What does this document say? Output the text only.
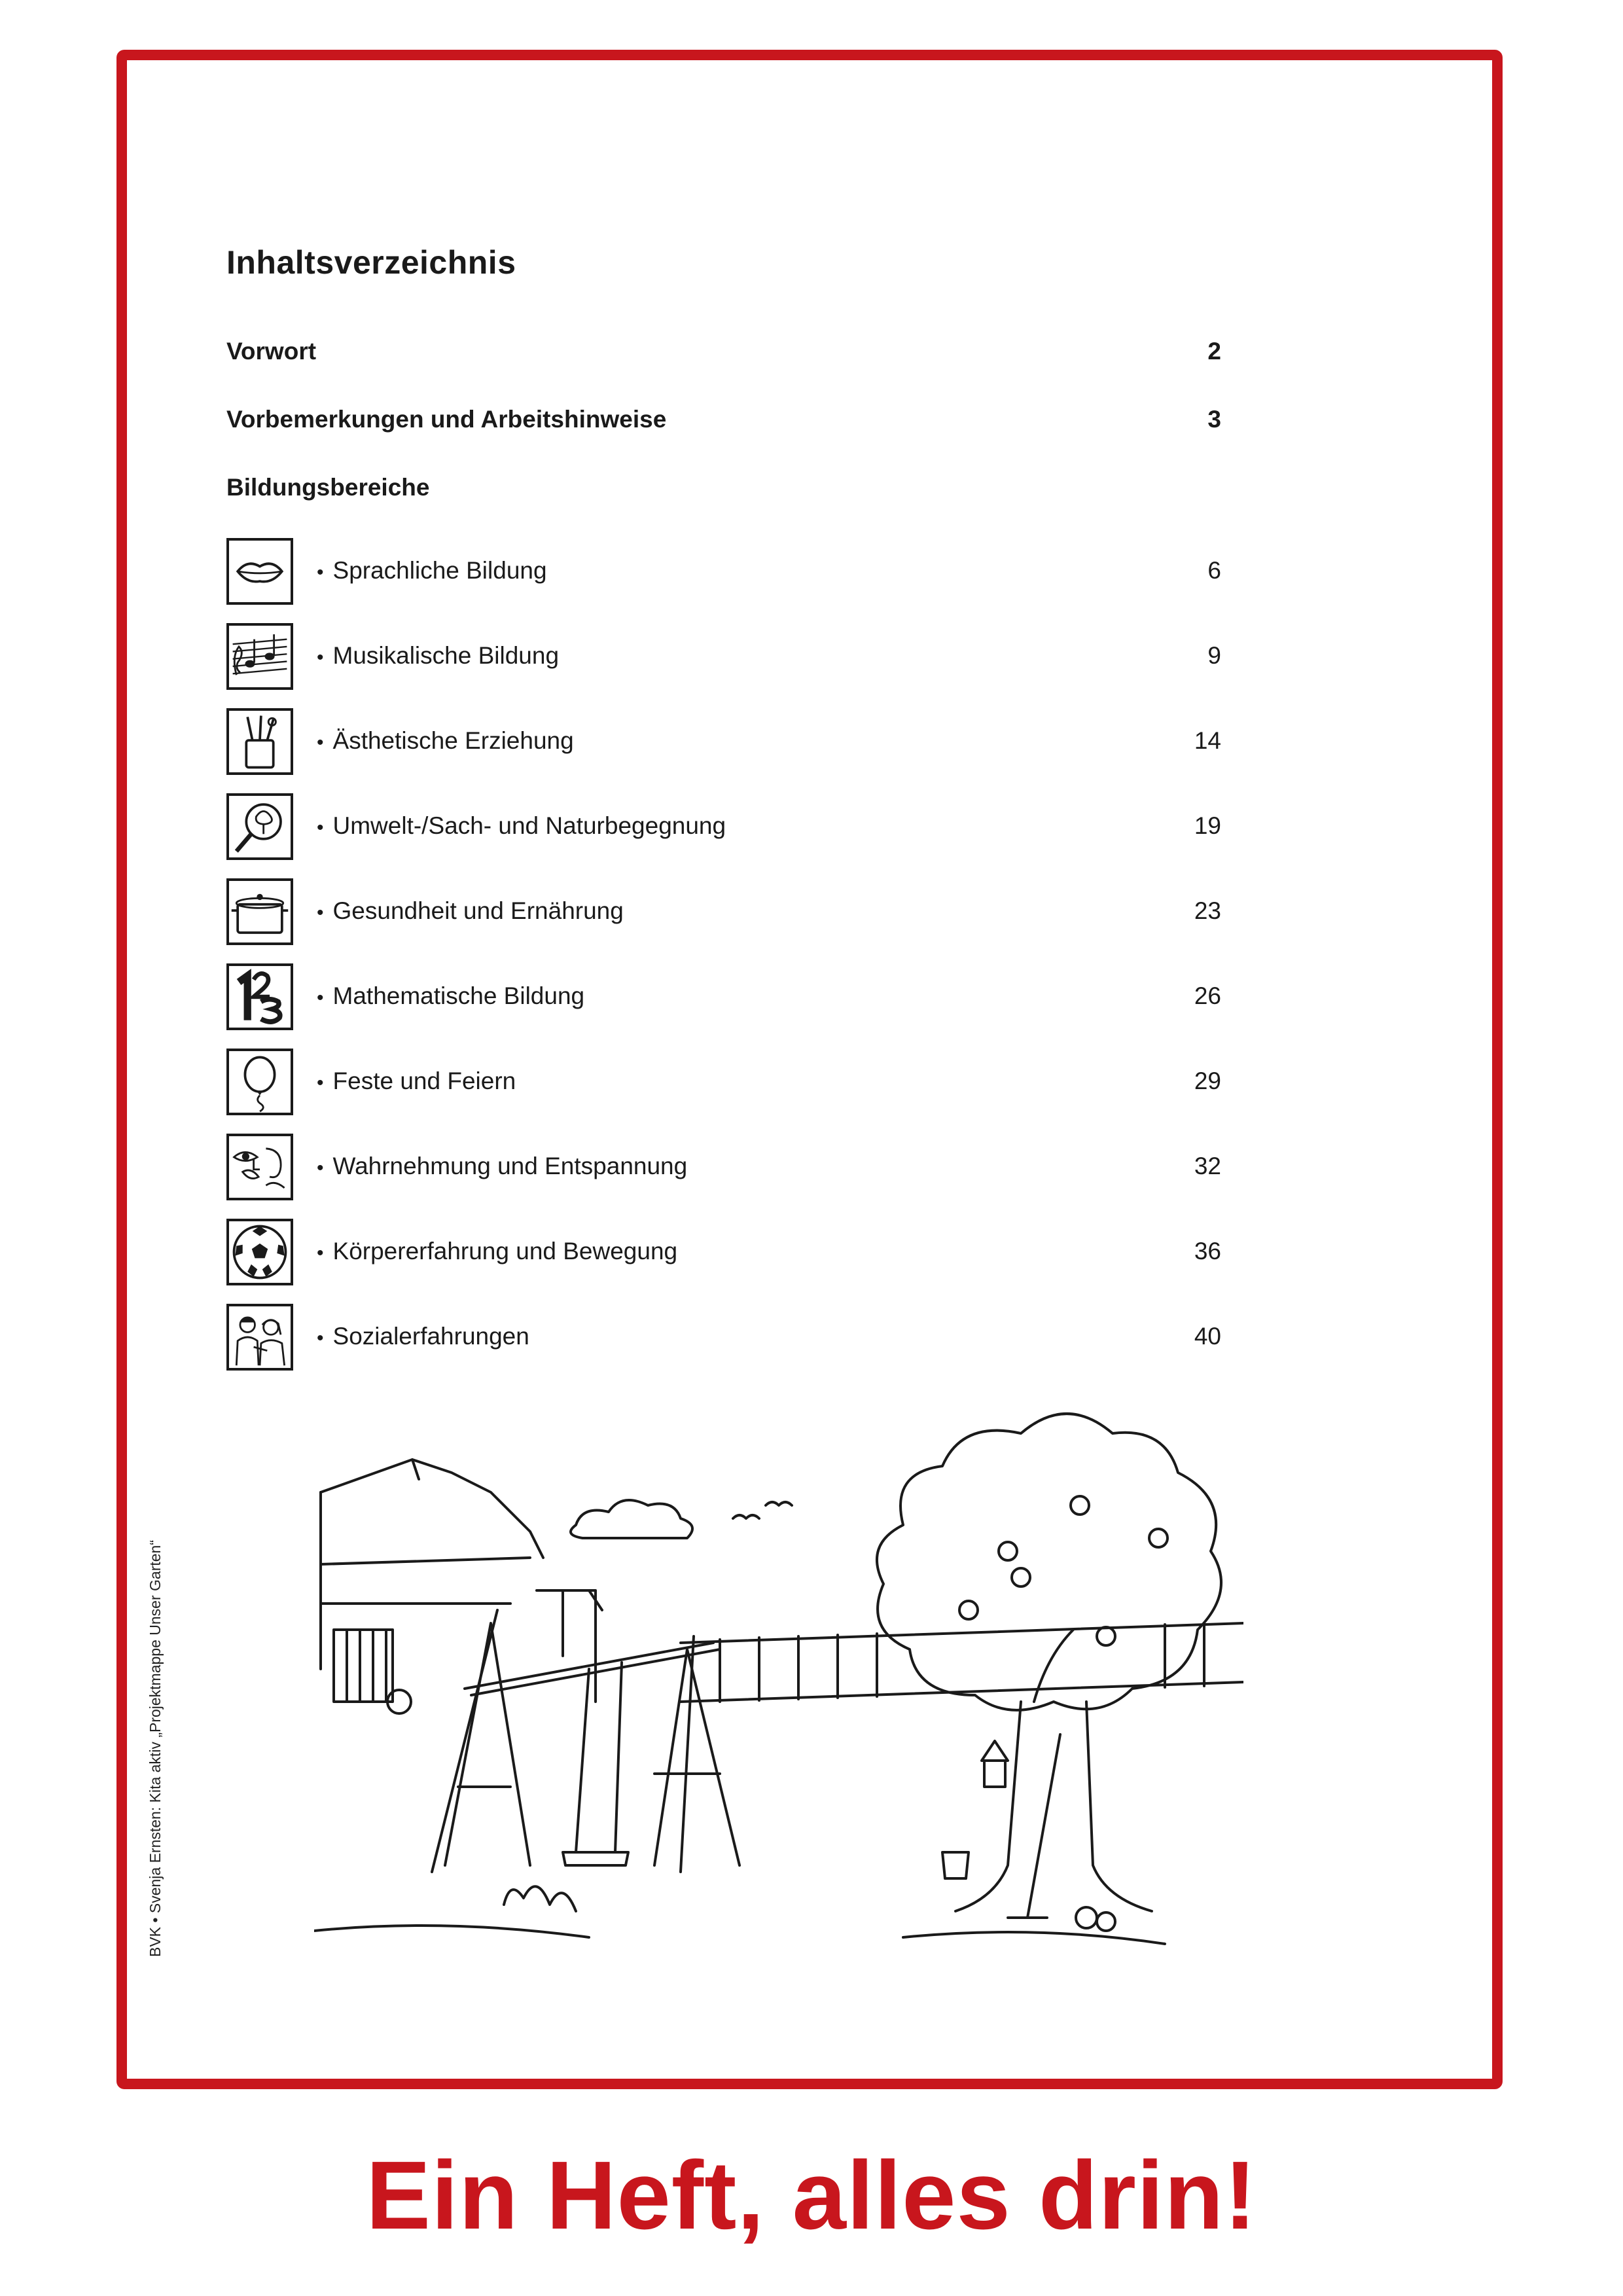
Inhaltsverzeichnis
Vorwort	2
Vorbemerkungen und Arbeitshinweise	3
Bildungsbereiche
• Sprachliche Bildung	6
• Musikalische Bildung	9
• Ästhetische Erziehung	14
• Umwelt-/Sach- und Naturbegegnung	19
• Gesundheit und Ernährung	23
• Mathematische Bildung	26
• Feste und Feiern	29
• Wahrnehmung und Entspannung	32
• Körpererfahrung und Bewegung	36
• Sozialerfahrungen	40
BVK • Svenja Ernsten: Kita aktiv „Projektmappe Unser Garten“
Ein Heft, alles drin!
